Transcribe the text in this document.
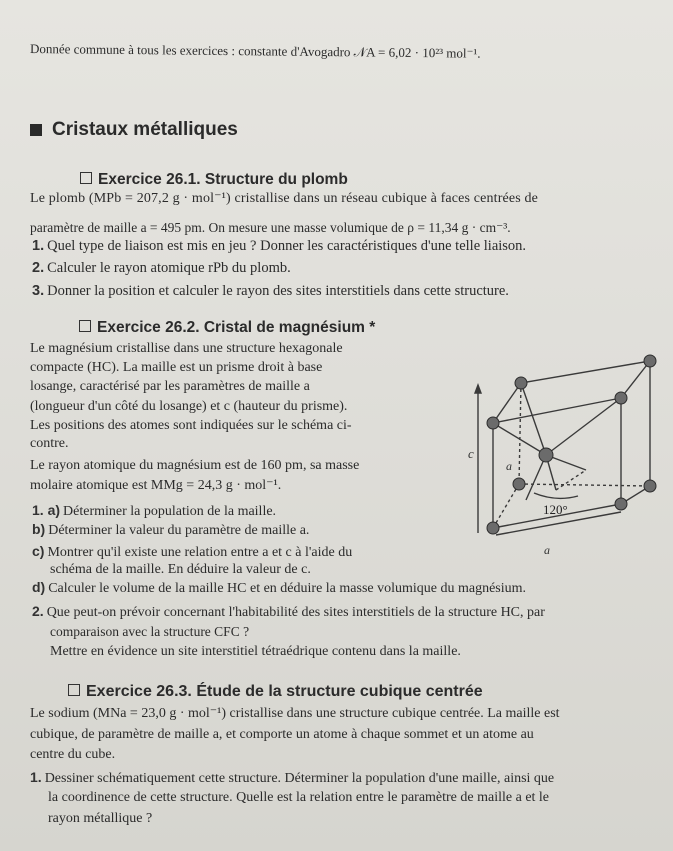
Donnée commune à tous les exercices : constante d'Avogadro 𝒩A = 6,02 · 10²³ mol⁻¹.
Cristaux métalliques
Exercice 26.1. Structure du plomb
Le plomb (MPb = 207,2 g · mol⁻¹) cristallise dans un réseau cubique à faces centrées de
paramètre de maille a = 495 pm. On mesure une masse volumique de ρ = 11,34 g · cm⁻³.
1. Quel type de liaison est mis en jeu ? Donner les caractéristiques d'une telle liaison.
2. Calculer le rayon atomique rPb du plomb.
3. Donner la position et calculer le rayon des sites interstitiels dans cette structure.
Exercice 26.2. Cristal de magnésium *
Le magnésium cristallise dans une structure hexagonale
compacte (HC). La maille est un prisme droit à base
losange, caractérisé par les paramètres de maille a
(longueur d'un côté du losange) et c (hauteur du prisme).
Les positions des atomes sont indiquées sur le schéma ci-
contre.
Le rayon atomique du magnésium est de 160 pm, sa masse
molaire atomique est MMg = 24,3 g · mol⁻¹.
1. a) Déterminer la population de la maille.
b) Déterminer la valeur du paramètre de maille a.
c) Montrer qu'il existe une relation entre a et c à l'aide du
schéma de la maille. En déduire la valeur de c.
d) Calculer le volume de la maille HC et en déduire la masse volumique du magnésium.
2. Que peut-on prévoir concernant l'habitabilité des sites interstitiels de la structure HC, par
comparaison avec la structure CFC ?
Mettre en évidence un site interstitiel tétraédrique contenu dans la maille.
c
a
120°
a
Exercice 26.3. Étude de la structure cubique centrée
Le sodium (MNa = 23,0 g · mol⁻¹) cristallise dans une structure cubique centrée. La maille est
cubique, de paramètre de maille a, et comporte un atome à chaque sommet et un atome au
centre du cube.
1. Dessiner schématiquement cette structure. Déterminer la population d'une maille, ainsi que
la coordinence de cette structure. Quelle est la relation entre le paramètre de maille a et le
rayon métallique ?
